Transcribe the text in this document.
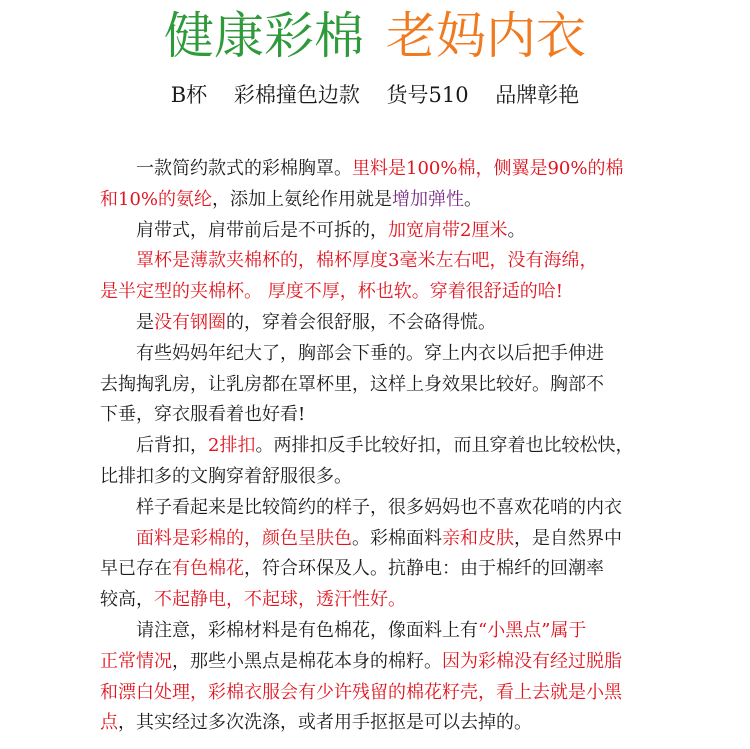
健康彩棉 老妈内衣
B杯 彩棉撞色边款 货号510 品牌彰艳
一款简约款式的彩棉胸罩。里料是100%棉，侧翼是90%的棉
和10%的氨纶，添加上氨纶作用就是增加弹性。
肩带式，肩带前后是不可拆的，加宽肩带2厘米。
罩杯是薄款夹棉杯的，棉杯厚度3毫米左右吧，没有海绵，
是半定型的夹棉杯。 厚度不厚，杯也软。穿着很舒适的哈!
是没有钢圈的，穿着会很舒服，不会硌得慌。
有些妈妈年纪大了，胸部会下垂的。穿上内衣以后把手伸进
去掏掏乳房，让乳房都在罩杯里，这样上身效果比较好。胸部不
下垂，穿衣服看着也好看!
后背扣，2排扣。两排扣反手比较好扣，而且穿着也比较松快，
比排扣多的文胸穿着舒服很多。
样子看起来是比较简约的样子，很多妈妈也不喜欢花哨的内衣
面料是彩棉的，颜色呈肤色。彩棉面料亲和皮肤，是自然界中
早已存在有色棉花，符合环保及人。抗静电：由于棉纤的回潮率
较高，不起静电，不起球，透汗性好。
请注意，彩棉材料是有色棉花，像面料上有“小黑点”属于
正常情况，那些小黑点是棉花本身的棉籽。因为彩棉没有经过脱脂
和漂白处理，彩棉衣服会有少许残留的棉花籽壳，看上去就是小黑
点，其实经过多次洗涤，或者用手抠抠是可以去掉的。
